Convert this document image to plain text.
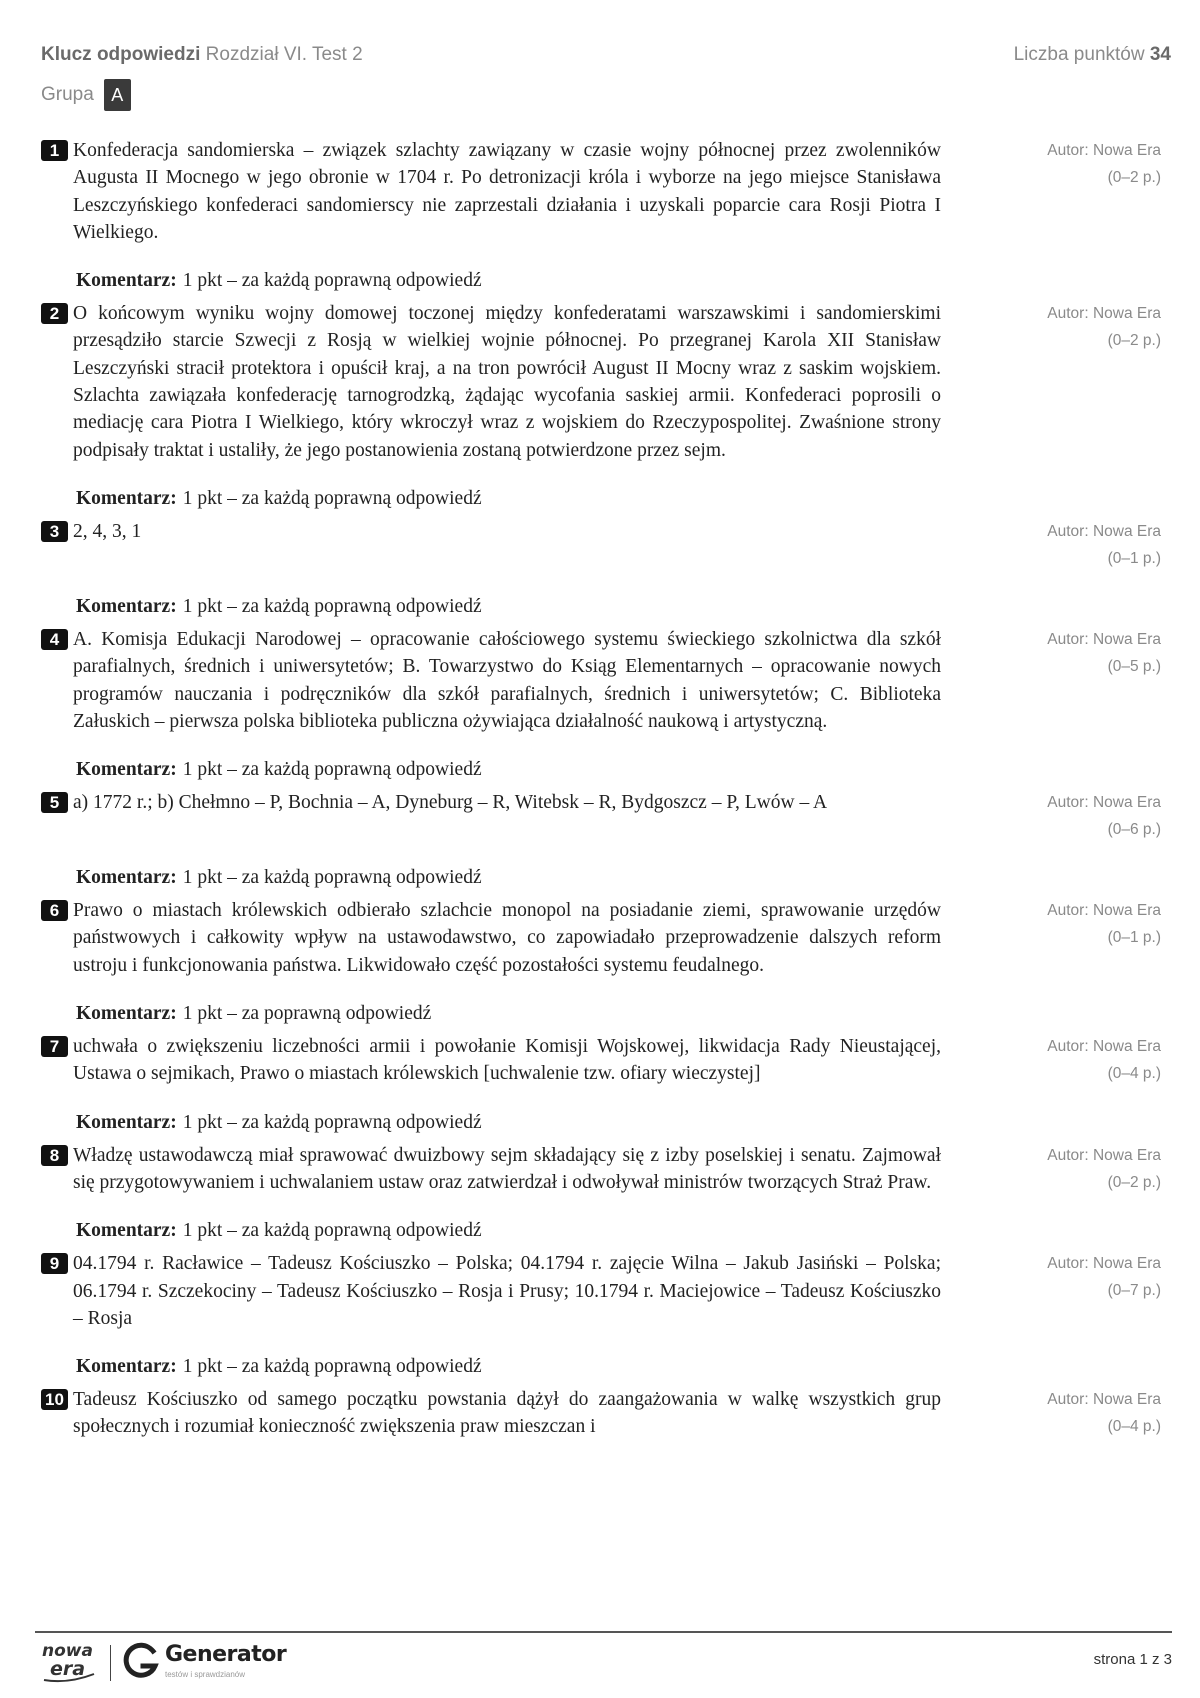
Klucz odpowiedzi Rozdział VI. Test 2	Liczba punktów 34
Grupa A
1 Konfederacja sandomierska – związek szlachty zawiązany w czasie wojny północnej przez zwolenników Augusta II Mocnego w jego obronie w 1704 r. Po detronizacji króla i wyborze na jego miejsce Stanisława Leszczyńskiego konfederaci sandomierscy nie zaprzestali działania i uzyskali poparcie cara Rosji Piotra I Wielkiego.
Autor: Nowa Era
(0–2 p.)
Komentarz: 1 pkt – za każdą poprawną odpowiedź
2 O końcowym wyniku wojny domowej toczonej między konfederatami warszawskimi i sandomierskimi przesądziło starcie Szwecji z Rosją w wielkiej wojnie północnej. Po przegranej Karola XII Stanisław Leszczyński stracił protektora i opuścił kraj, a na tron powrócił August II Mocny wraz z saskim wojskiem. Szlachta zawiązała konfederację tarnogrodzką, żądając wycofania saskiej armii. Konfederaci poprosili o mediację cara Piotra I Wielkiego, który wkroczył wraz z wojskiem do Rzeczypospolitej. Zwaśnione strony podpisały traktat i ustaliły, że jego postanowienia zostaną potwierdzone przez sejm.
Autor: Nowa Era
(0–2 p.)
Komentarz: 1 pkt – za każdą poprawną odpowiedź
3 2, 4, 3, 1	Autor: Nowa Era
(0–1 p.)
Komentarz: 1 pkt – za każdą poprawną odpowiedź
4 A. Komisja Edukacji Narodowej – opracowanie całościowego systemu świeckiego szkolnictwa dla szkół parafialnych, średnich i uniwersytetów; B. Towarzystwo do Ksiąg Elementarnych – opracowanie nowych programów nauczania i podręczników dla szkół parafialnych, średnich i uniwersytetów; C. Biblioteka Załuskich – pierwsza polska biblioteka publiczna ożywiająca działalność naukową i artystyczną.
Autor: Nowa Era
(0–5 p.)
Komentarz: 1 pkt – za każdą poprawną odpowiedź
5 a) 1772 r.; b) Chełmno – P, Bochnia – A, Dyneburg – R, Witebsk – R, Bydgoszcz – P, Lwów – A	Autor: Nowa Era
(0–6 p.)
Komentarz: 1 pkt – za każdą poprawną odpowiedź
6 Prawo o miastach królewskich odbierało szlachcie monopol na posiadanie ziemi, sprawowanie urzędów państwowych i całkowity wpływ na ustawodawstwo, co zapowiadało przeprowadzenie dalszych reform ustroju i funkcjonowania państwa. Likwidowało część pozostałości systemu feudalnego.
Autor: Nowa Era
(0–1 p.)
Komentarz: 1 pkt – za poprawną odpowiedź
7 uchwała o zwiększeniu liczebności armii i powołanie Komisji Wojskowej, likwidacja Rady Nieustającej, Ustawa o sejmikach, Prawo o miastach królewskich [uchwalenie tzw. ofiary wieczystej]
Autor: Nowa Era
(0–4 p.)
Komentarz: 1 pkt – za każdą poprawną odpowiedź
8 Władzę ustawodawczą miał sprawować dwuizbowy sejm składający się z izby poselskiej i senatu. Zajmował się przygotowywaniem i uchwalaniem ustaw oraz zatwierdzał i odwoływał ministrów tworzących Straż Praw.
Autor: Nowa Era
(0–2 p.)
Komentarz: 1 pkt – za każdą poprawną odpowiedź
9 04.1794 r. Racławice – Tadeusz Kościuszko – Polska; 04.1794 r. zajęcie Wilna – Jakub Jasiński – Polska; 06.1794 r. Szczekociny – Tadeusz Kościuszko – Rosja i Prusy; 10.1794 r. Maciejowice – Tadeusz Kościuszko – Rosja
Autor: Nowa Era
(0–7 p.)
Komentarz: 1 pkt – za każdą poprawną odpowiedź
10 Tadeusz Kościuszko od samego początku powstania dążył do zaangażowania w walkę wszystkich grup społecznych i rozumiał konieczność zwiększenia praw mieszczan i
Autor: Nowa Era
(0–4 p.)
nowa
era
Generator
testów i sprawdzianów
strona 1 z 3
